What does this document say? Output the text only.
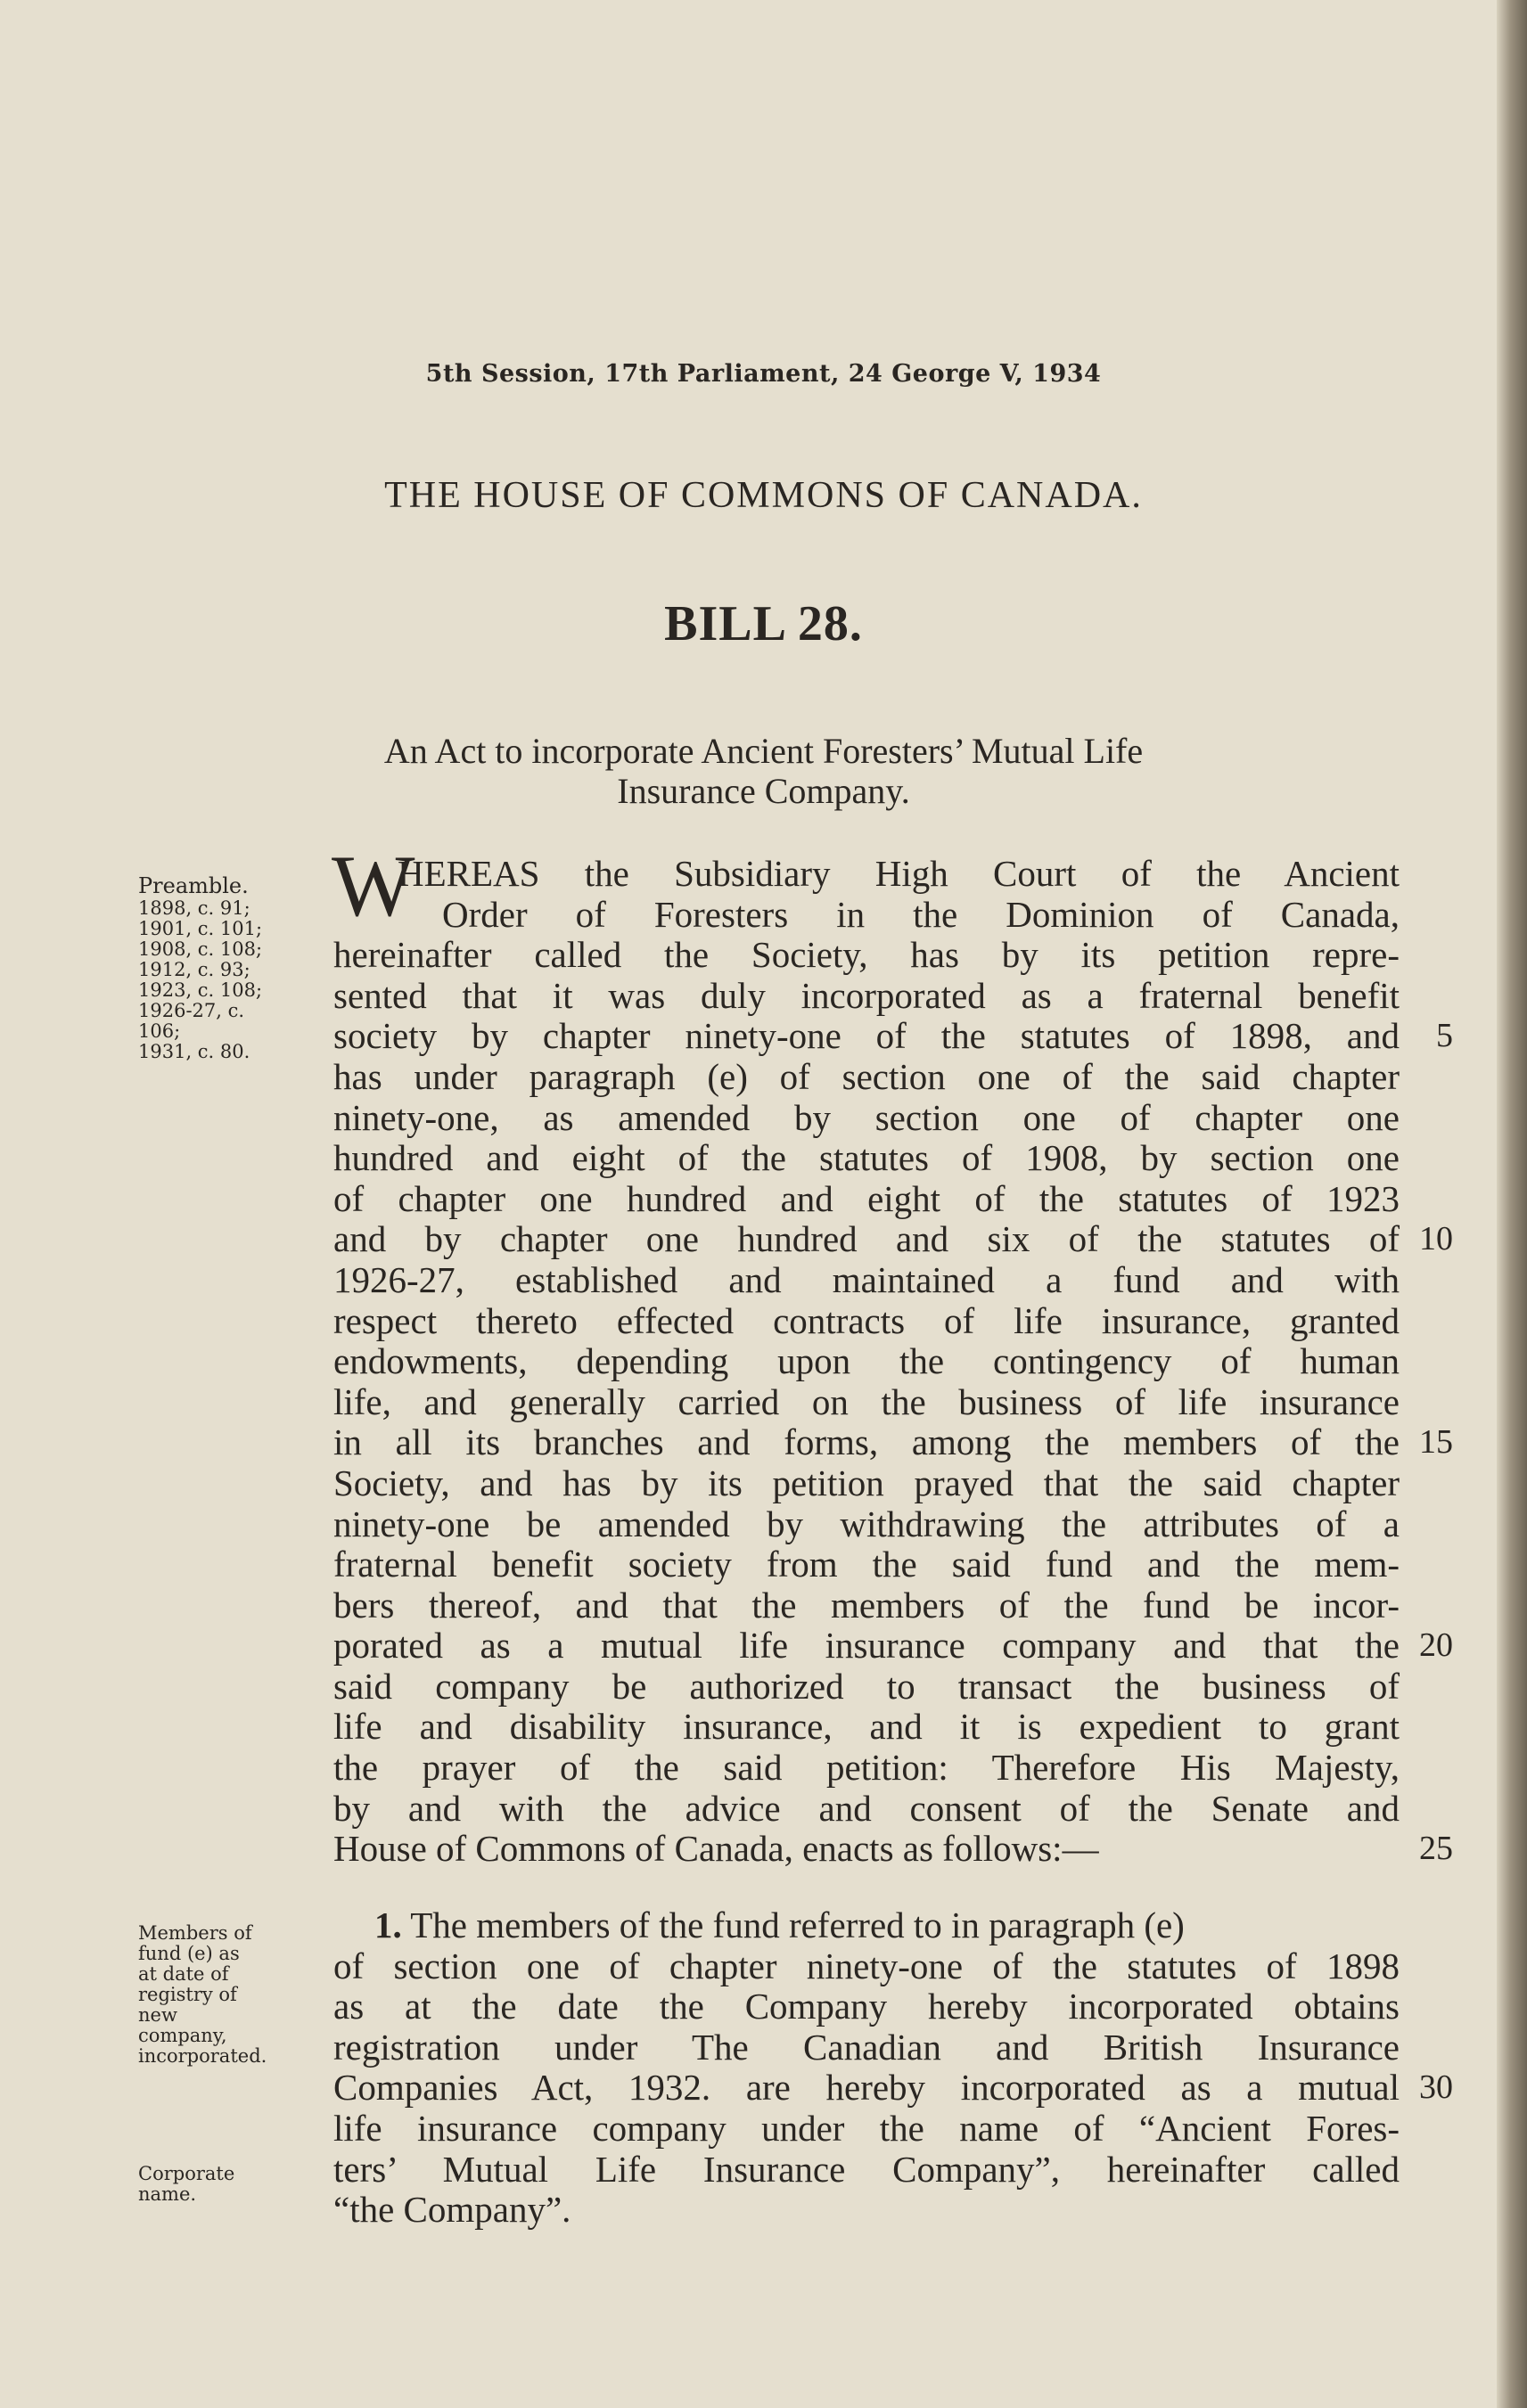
5th Session, 17th Parliament, 24 George V, 1934
THE HOUSE OF COMMONS OF CANADA.
BILL 28.
An Act to incorporate Ancient Foresters’ Mutual Life
Insurance Company.
Preamble.
1898, c. 91;
1901, c. 101;
1908, c. 108;
1912, c. 93;
1923, c. 108;
1926-27, c.
106;
1931, c. 80.
Members of
fund (e) as
at date of
registry of
new
company,
incorporated.
Corporate
name.
W
HEREAS the Subsidiary High Court of the Ancient
Order of Foresters in the Dominion of Canada,
hereinafter called the Society, has by its petition repre-
sented that it was duly incorporated as a fraternal benefit
society by chapter ninety-one of the statutes of 1898, and
has under paragraph (e) of section one of the said chapter
ninety-one, as amended by section one of chapter one
hundred and eight of the statutes of 1908, by section one
of chapter one hundred and eight of the statutes of 1923
and by chapter one hundred and six of the statutes of
1926-27, established and maintained a fund and with
respect thereto effected contracts of life insurance, granted
endowments, depending upon the contingency of human
life, and generally carried on the business of life insurance
in all its branches and forms, among the members of the
Society, and has by its petition prayed that the said chapter
ninety-one be amended by withdrawing the attributes of a
fraternal benefit society from the said fund and the mem-
bers thereof, and that the members of the fund be incor-
porated as a mutual life insurance company and that the
said company be authorized to transact the business of
life and disability insurance, and it is expedient to grant
the prayer of the said petition: Therefore His Majesty,
by and with the advice and consent of the Senate and
House of Commons of Canada, enacts as follows:—
1. The members of the fund referred to in paragraph (e)
of section one of chapter ninety-one of the statutes of 1898
as at the date the Company hereby incorporated obtains
registration under The Canadian and British Insurance
Companies Act, 1932. are hereby incorporated as a mutual
life insurance company under the name of “Ancient Fores-
ters’ Mutual Life Insurance Company”, hereinafter called
“the Company”.
5
10
15
20
25
30
